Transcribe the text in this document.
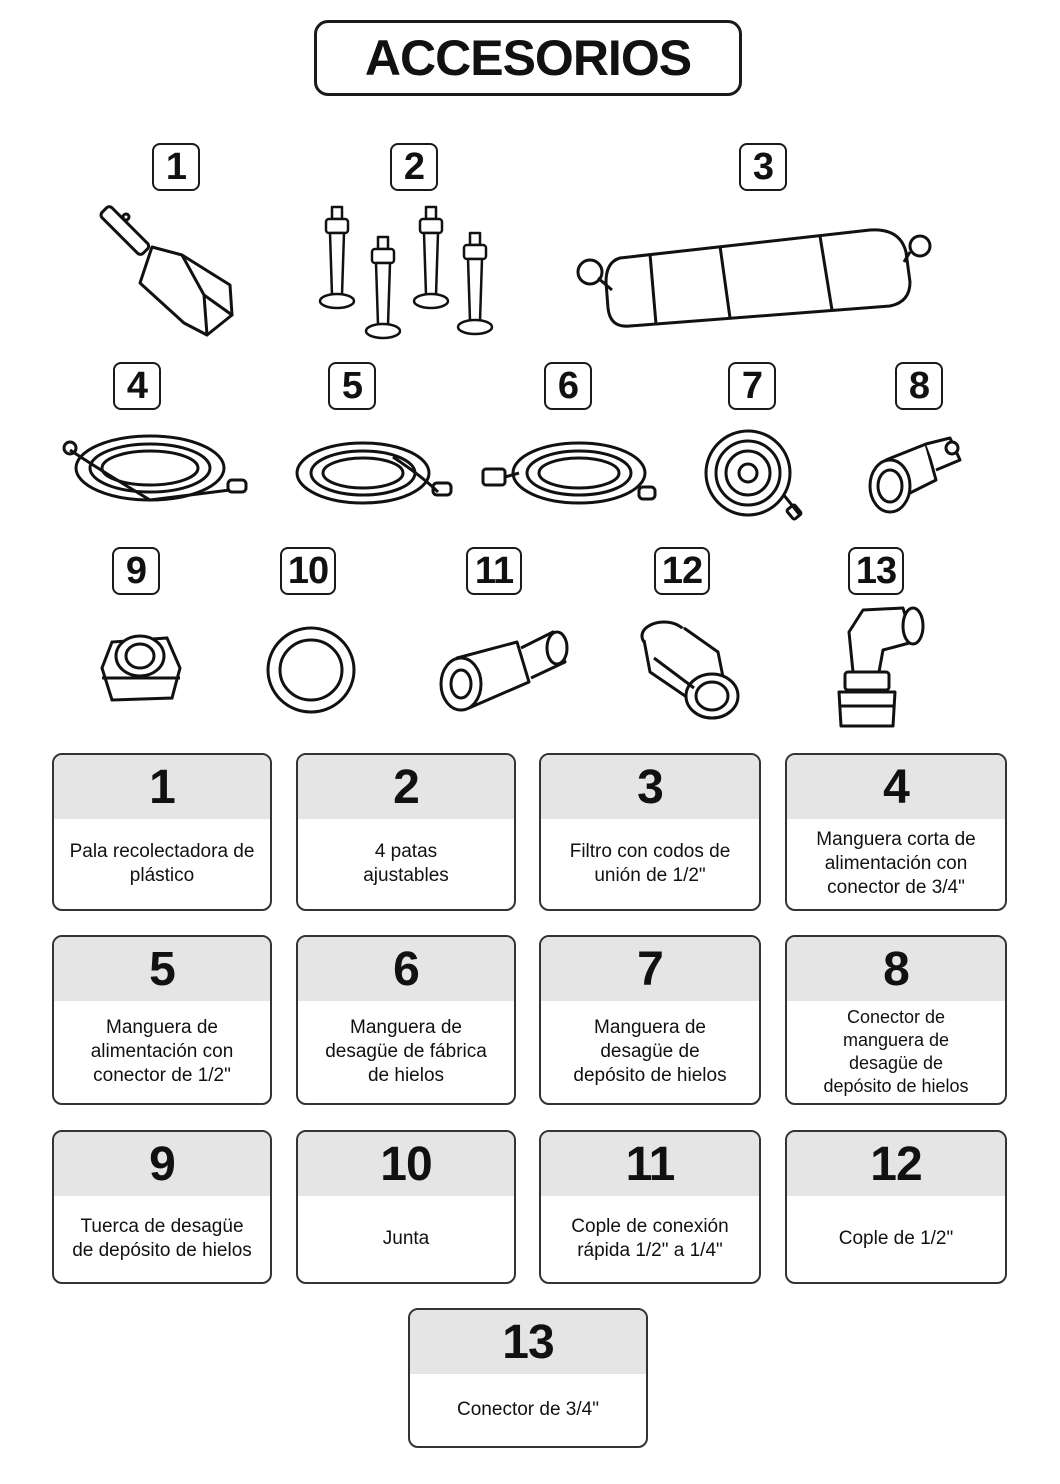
ACCESORIOS
1	2	3
4	5	6	7	8
9	10	11	12	13
1
Pala recolectadora de plástico
2
4 patas ajustables
3
Filtro con codos de unión de 1/2"
4
Manguera corta de alimentación con conector de 3/4"
5
Manguera de alimentación con conector de 1/2"
6
Manguera de desagüe de fábrica de hielos
7
Manguera de desagüe de depósito de hielos
8
Conector de manguera de desagüe de depósito de hielos
9
Tuerca de desagüe de depósito de hielos
10
Junta
11
Cople de conexión rápida 1/2" a 1/4"
12
Cople de 1/2"
13
Conector de 3/4"
